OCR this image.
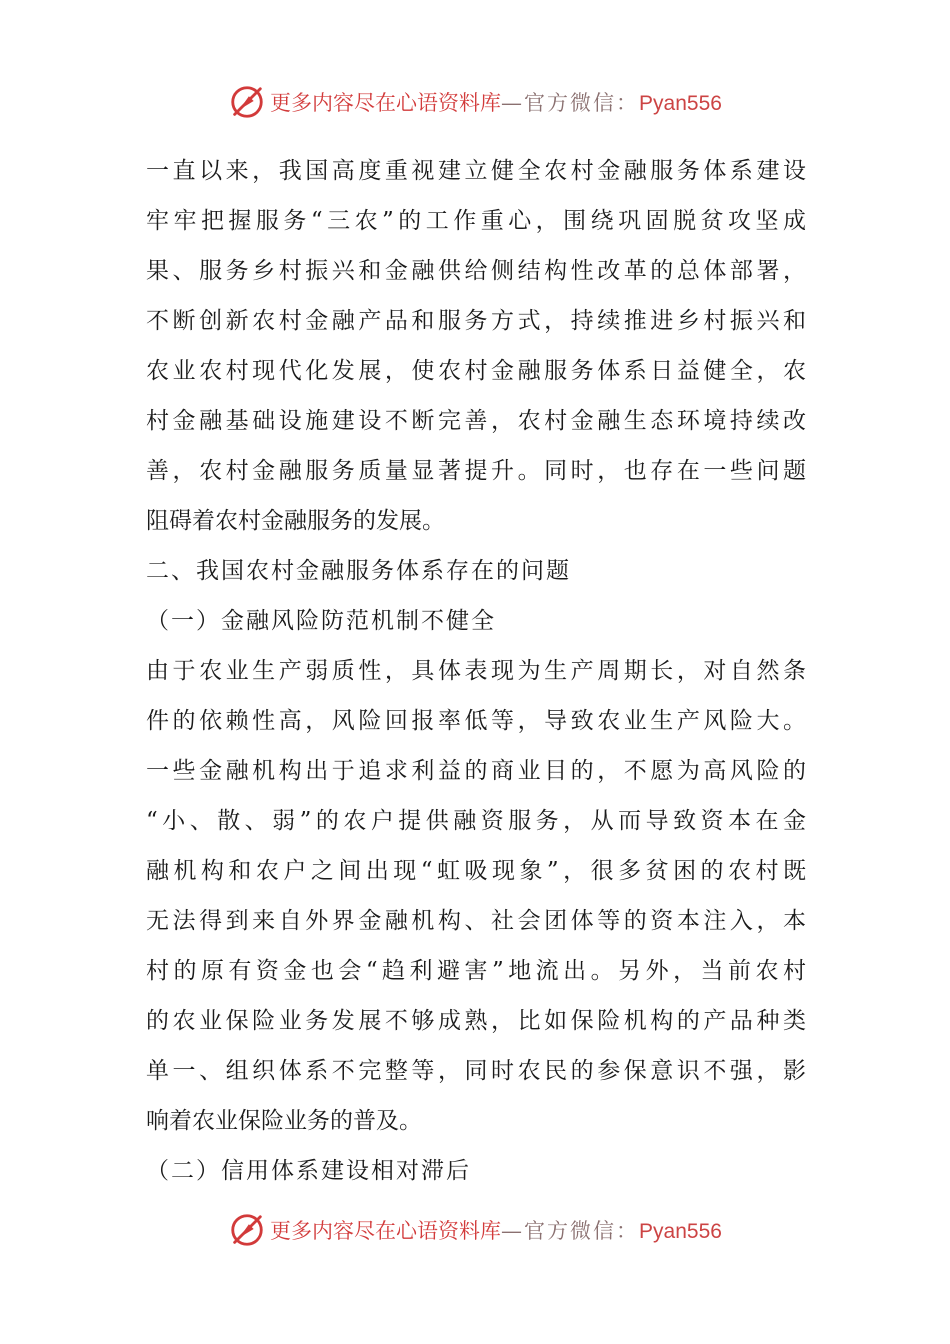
更多内容尽在心语资料库—官方微信：Pyan556
一直以来，我国高度重视建立健全农村金融服务体系建设
牢牢把握服务“三农”的工作重心，围绕巩固脱贫攻坚成
果、服务乡村振兴和金融供给侧结构性改革的总体部署，
不断创新农村金融产品和服务方式，持续推进乡村振兴和
农业农村现代化发展，使农村金融服务体系日益健全，农
村金融基础设施建设不断完善，农村金融生态环境持续改
善，农村金融服务质量显著提升。同时，也存在一些问题
阻碍着农村金融服务的发展。
二、我国农村金融服务体系存在的问题
（一）金融风险防范机制不健全
由于农业生产弱质性，具体表现为生产周期长，对自然条
件的依赖性高，风险回报率低等，导致农业生产风险大。
一些金融机构出于追求利益的商业目的，不愿为高风险的
“小、散、弱”的农户提供融资服务，从而导致资本在金
融机构和农户之间出现“虹吸现象”，很多贫困的农村既
无法得到来自外界金融机构、社会团体等的资本注入，本
村的原有资金也会“趋利避害”地流出。另外，当前农村
的农业保险业务发展不够成熟，比如保险机构的产品种类
单一、组织体系不完整等，同时农民的参保意识不强，影
响着农业保险业务的普及。
（二）信用体系建设相对滞后
更多内容尽在心语资料库—官方微信：Pyan556
